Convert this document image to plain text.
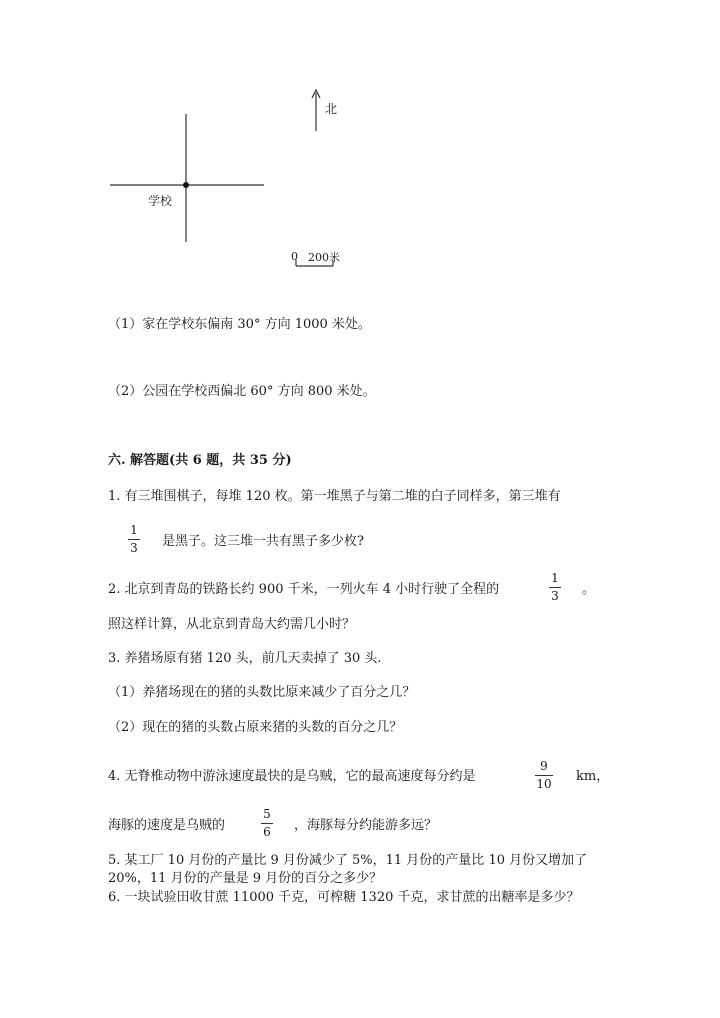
北
学校
0 200米
（1）家在学校东偏南 30° 方向 1000 米处。
（2）公园在学校西偏北 60° 方向 800 米处。
六. 解答题(共 6 题，共 35 分)
1. 有三堆围棋子，每堆 120 枚。第一堆黑子与第二堆的白子同样多，第三堆有
1
3 是黑子。这三堆一共有黑子多少枚?
2. 北京到青岛的铁路长约 900 千米，一列火车 4 小时行驶了全程的
1
3 。
照这样计算，从北京到青岛大约需几小时？
3. 养猪场原有猪 120 头，前几天卖掉了 30 头.
（1）养猪场现在的猪的头数比原来减少了百分之几？
（2）现在的猪的头数占原来猪的头数的百分之几？
4. 无脊椎动物中游泳速度最快的是乌贼，它的最高速度每分约是
9
10 km，
海豚的速度是乌贼的
5
6 ，海豚每分约能游多远？
5. 某工厂 10 月份的产量比 9 月份减少了 5%，11 月份的产量比 10 月份又增加了
20%，11 月份的产量是 9 月份的百分之多少？
6. 一块试验田收甘蔗 11000 千克，可榨糖 1320 千克，求甘蔗的出糖率是多少？
